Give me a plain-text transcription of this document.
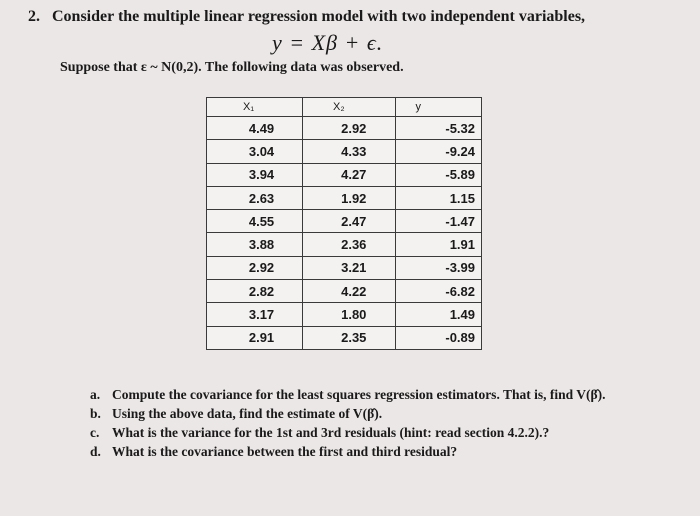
2. Consider the multiple linear regression model with two independent variables,
y = Xβ + ϵ.
Suppose that ε ~ N(0,2). The following data was observed.
X₁	X₂	y
4.49	2.92	-5.32
3.04	4.33	-9.24
3.94	4.27	-5.89
2.63	1.92	1.15
4.55	2.47	-1.47
3.88	2.36	1.91
2.92	3.21	-3.99
2.82	4.22	-6.82
3.17	1.80	1.49
2.91	2.35	-0.89
a. Compute the covariance for the least squares regression estimators. That is, find V(β̂).
b. Using the above data, find the estimate of V(β̂).
c. What is the variance for the 1st and 3rd residuals (hint: read section 4.2.2).?
d. What is the covariance between the first and third residual?
